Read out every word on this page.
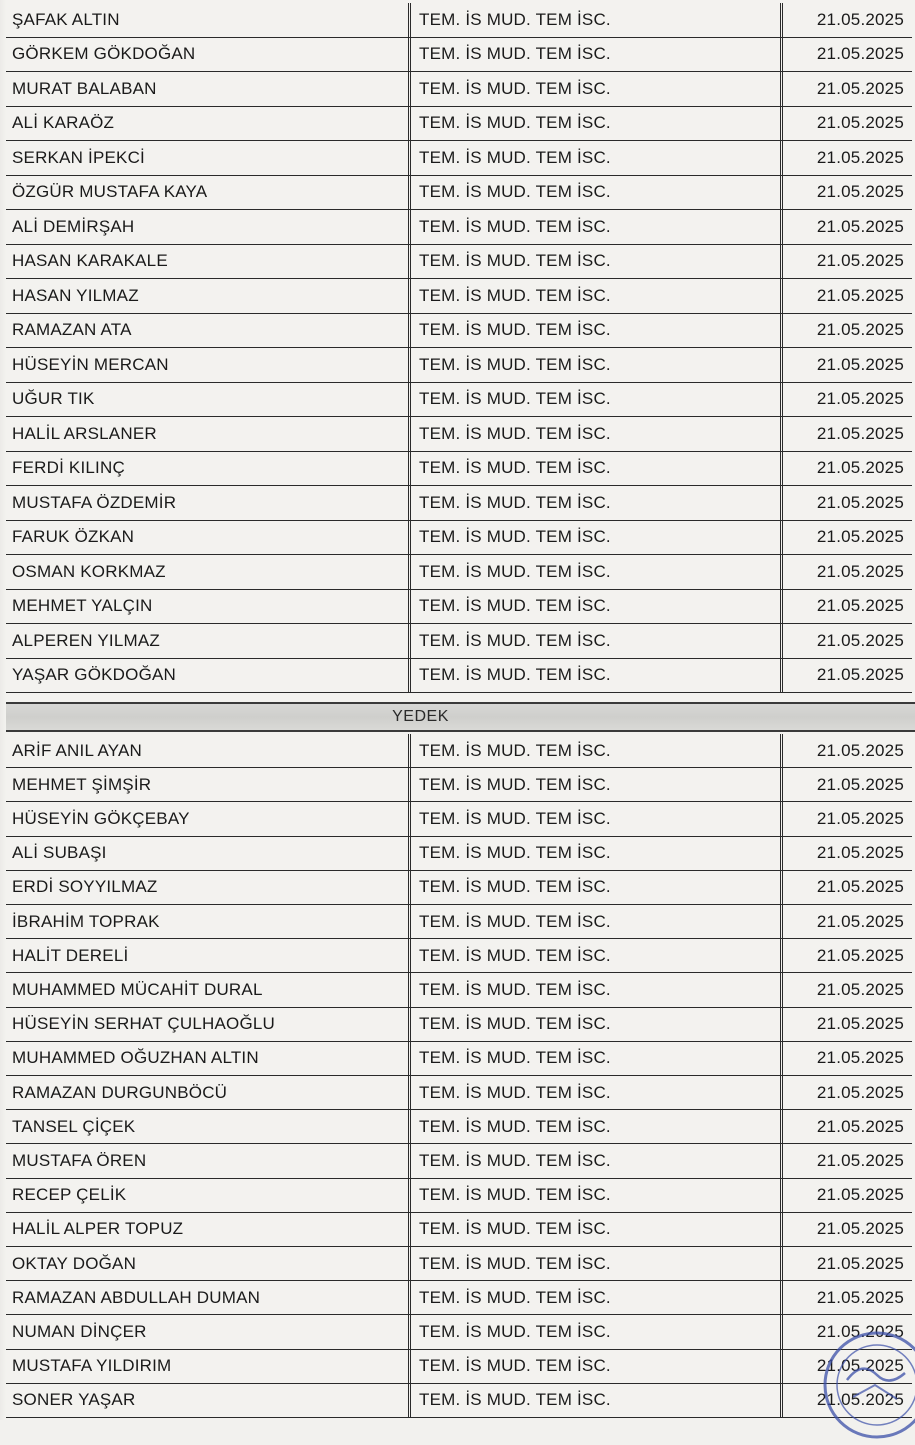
ŞAFAK ALTIN	TEM. İS MUD. TEM İSC.	21.05.2025
GÖRKEM GÖKDOĞAN	TEM. İS MUD. TEM İSC.	21.05.2025
MURAT BALABAN	TEM. İS MUD. TEM İSC.	21.05.2025
ALİ KARAÖZ	TEM. İS MUD. TEM İSC.	21.05.2025
SERKAN İPEKCİ	TEM. İS MUD. TEM İSC.	21.05.2025
ÖZGÜR MUSTAFA KAYA	TEM. İS MUD. TEM İSC.	21.05.2025
ALİ DEMİRŞAH	TEM. İS MUD. TEM İSC.	21.05.2025
HASAN KARAKALE	TEM. İS MUD. TEM İSC.	21.05.2025
HASAN YILMAZ	TEM. İS MUD. TEM İSC.	21.05.2025
RAMAZAN ATA	TEM. İS MUD. TEM İSC.	21.05.2025
HÜSEYİN MERCAN	TEM. İS MUD. TEM İSC.	21.05.2025
UĞUR TIK	TEM. İS MUD. TEM İSC.	21.05.2025
HALİL ARSLANER	TEM. İS MUD. TEM İSC.	21.05.2025
FERDİ KILINÇ	TEM. İS MUD. TEM İSC.	21.05.2025
MUSTAFA ÖZDEMİR	TEM. İS MUD. TEM İSC.	21.05.2025
FARUK ÖZKAN	TEM. İS MUD. TEM İSC.	21.05.2025
OSMAN KORKMAZ	TEM. İS MUD. TEM İSC.	21.05.2025
MEHMET YALÇIN	TEM. İS MUD. TEM İSC.	21.05.2025
ALPEREN YILMAZ	TEM. İS MUD. TEM İSC.	21.05.2025
YAŞAR GÖKDOĞAN	TEM. İS MUD. TEM İSC.	21.05.2025
YEDEK
ARİF ANIL AYAN	TEM. İS MUD. TEM İSC.	21.05.2025
MEHMET ŞİMŞİR	TEM. İS MUD. TEM İSC.	21.05.2025
HÜSEYİN GÖKÇEBAY	TEM. İS MUD. TEM İSC.	21.05.2025
ALİ SUBAŞI	TEM. İS MUD. TEM İSC.	21.05.2025
ERDİ SOYYILMAZ	TEM. İS MUD. TEM İSC.	21.05.2025
İBRAHİM TOPRAK	TEM. İS MUD. TEM İSC.	21.05.2025
HALİT DERELİ	TEM. İS MUD. TEM İSC.	21.05.2025
MUHAMMED MÜCAHİT DURAL	TEM. İS MUD. TEM İSC.	21.05.2025
HÜSEYİN SERHAT ÇULHAOĞLU	TEM. İS MUD. TEM İSC.	21.05.2025
MUHAMMED OĞUZHAN ALTIN	TEM. İS MUD. TEM İSC.	21.05.2025
RAMAZAN DURGUNBÖCÜ	TEM. İS MUD. TEM İSC.	21.05.2025
TANSEL ÇİÇEK	TEM. İS MUD. TEM İSC.	21.05.2025
MUSTAFA ÖREN	TEM. İS MUD. TEM İSC.	21.05.2025
RECEP ÇELİK	TEM. İS MUD. TEM İSC.	21.05.2025
HALİL ALPER TOPUZ	TEM. İS MUD. TEM İSC.	21.05.2025
OKTAY DOĞAN	TEM. İS MUD. TEM İSC.	21.05.2025
RAMAZAN ABDULLAH DUMAN	TEM. İS MUD. TEM İSC.	21.05.2025
NUMAN DİNÇER	TEM. İS MUD. TEM İSC.	21.05.2025
MUSTAFA YILDIRIM	TEM. İS MUD. TEM İSC.	21.05.2025
SONER YAŞAR	TEM. İS MUD. TEM İSC.	21.05.2025
